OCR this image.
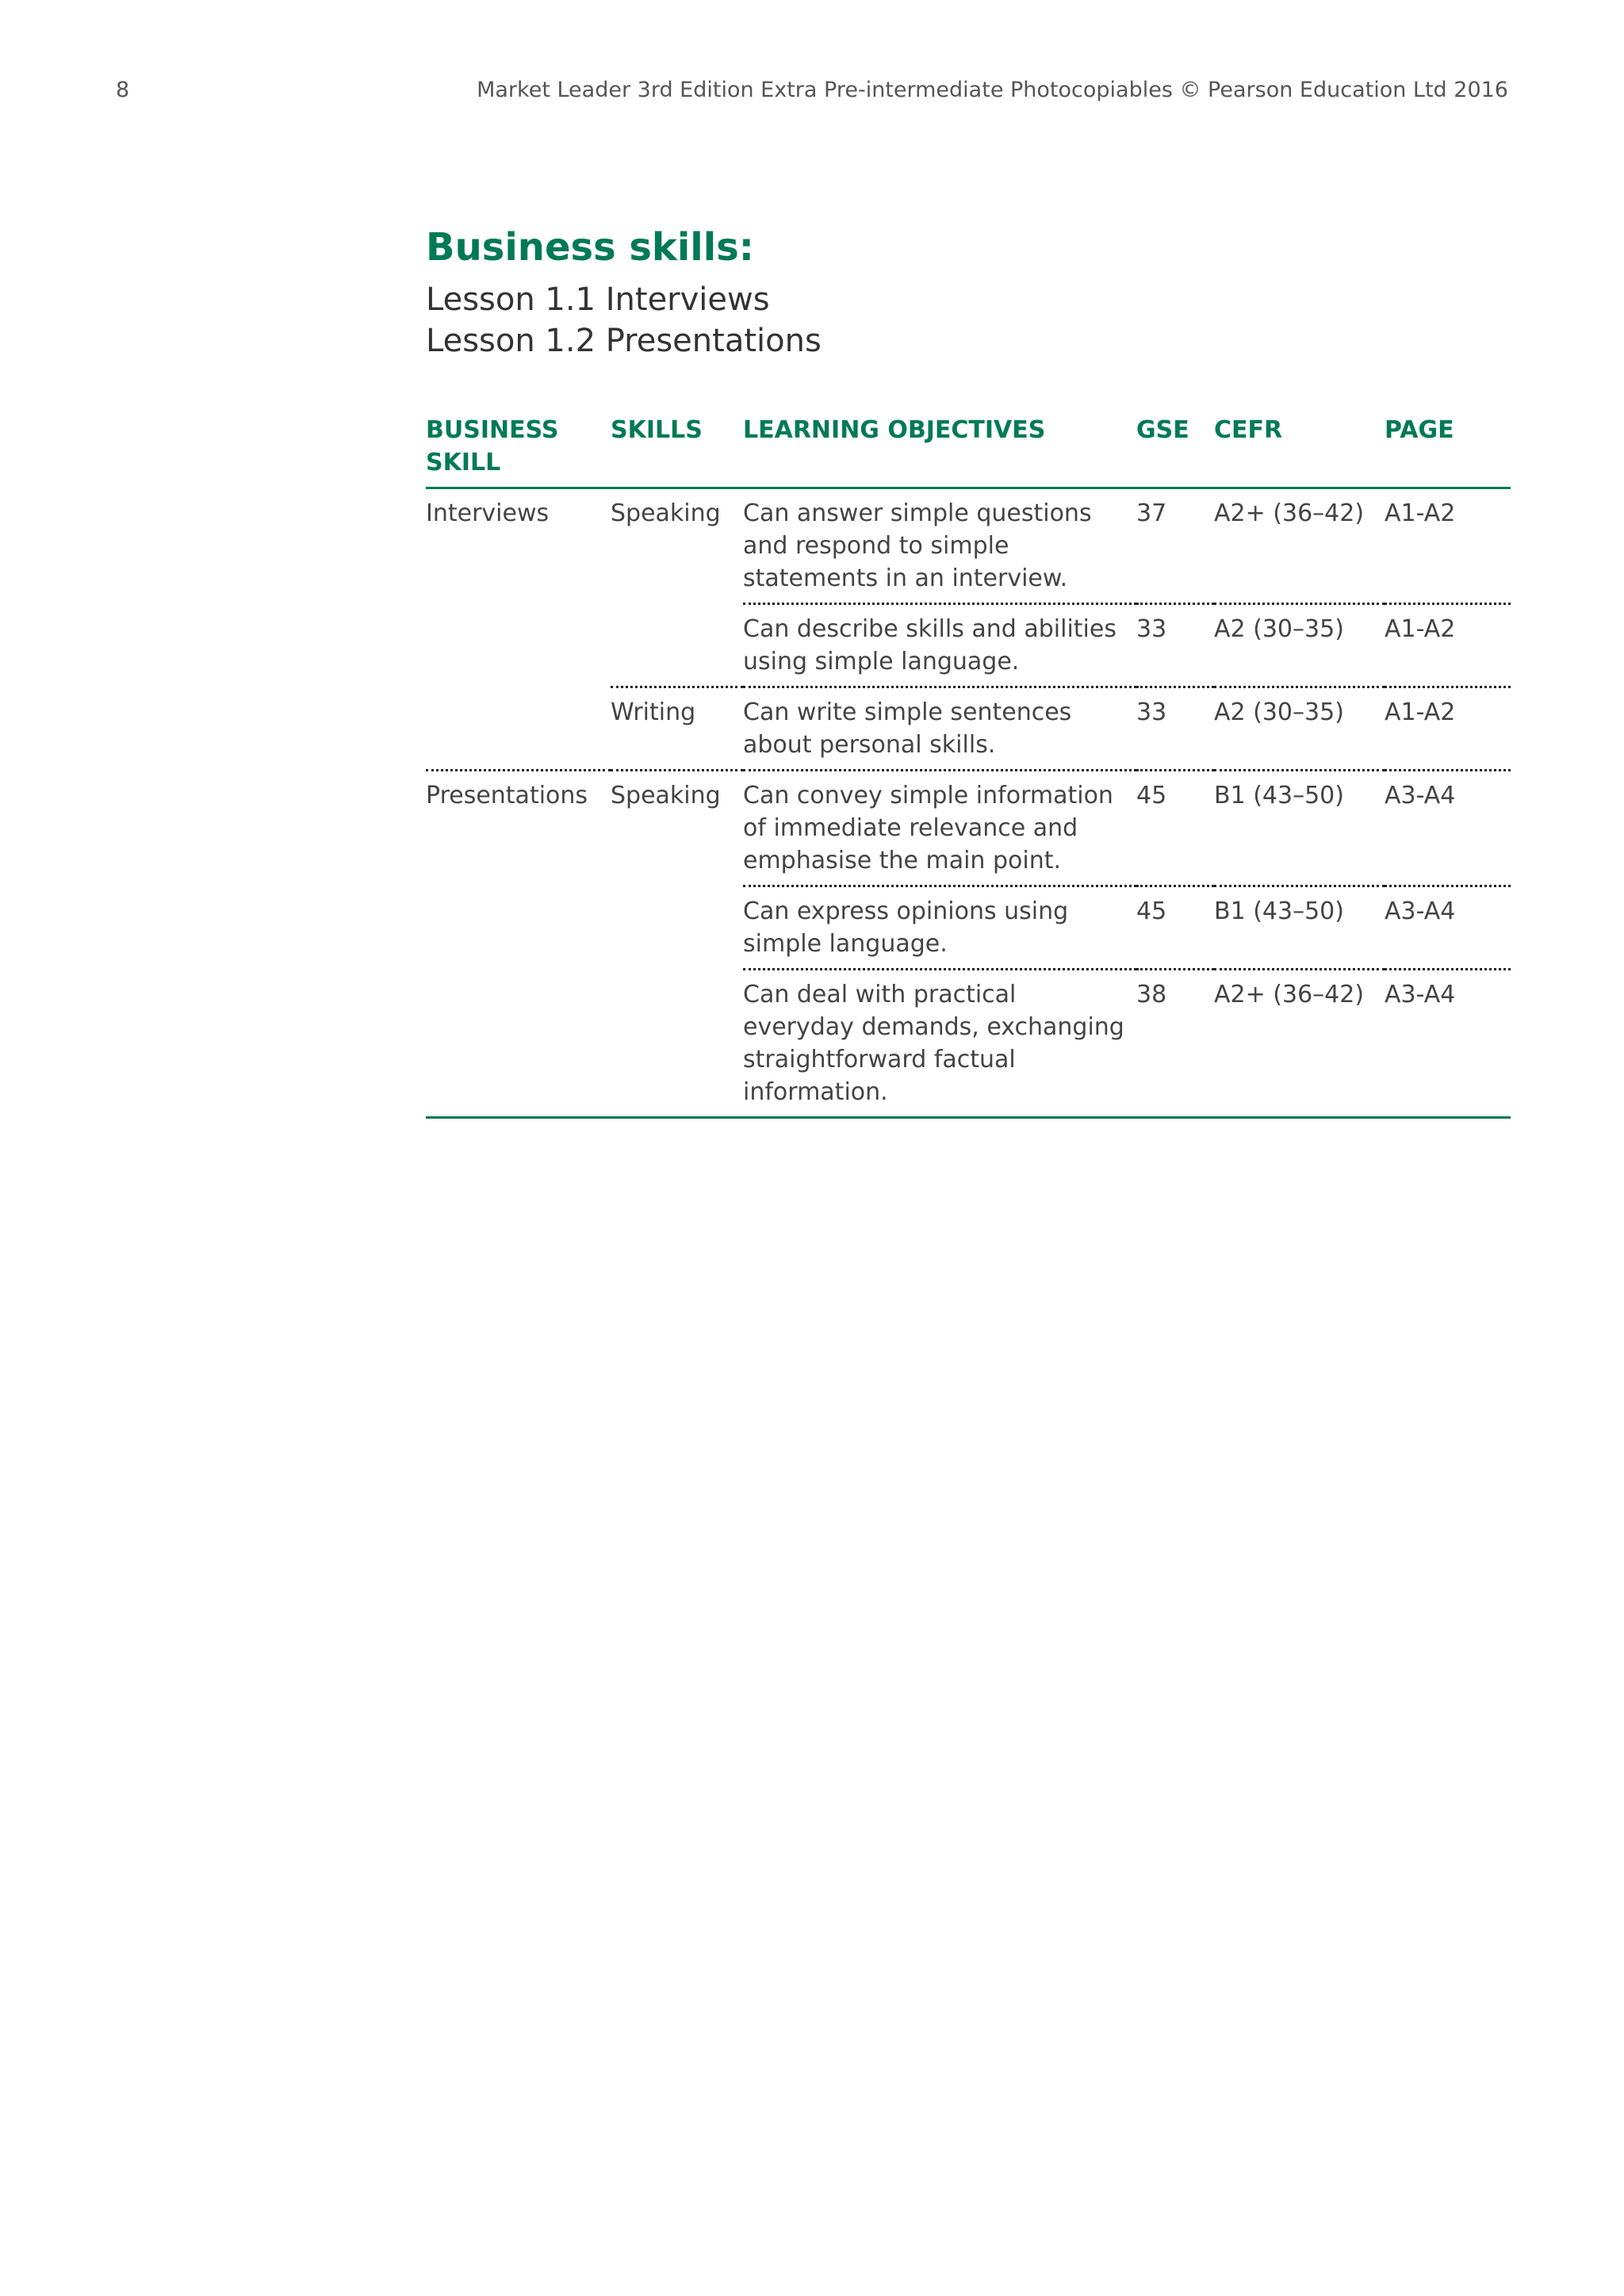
8	Market Leader 3rd Edition Extra Pre-intermediate Photocopiables © Pearson Education Ltd 2016
Business skills:
Lesson 1.1 Interviews
Lesson 1.2 Presentations
BUSINESS SKILL	SKILLS	LEARNING OBJECTIVES	GSE	CEFR	PAGE
Interviews	Speaking	Can answer simple questions and respond to simple statements in an interview.	37	A2+ (36–42)	A1-A2
		Can describe skills and abilities using simple language.	33	A2 (30–35)	A1-A2
	Writing	Can write simple sentences about personal skills.	33	A2 (30–35)	A1-A2
Presentations	Speaking	Can convey simple information of immediate relevance and emphasise the main point.	45	B1 (43–50)	A3-A4
		Can express opinions using simple language.	45	B1 (43–50)	A3-A4
		Can deal with practical everyday demands, exchanging straightforward factual information.	38	A2+ (36–42)	A3-A4
